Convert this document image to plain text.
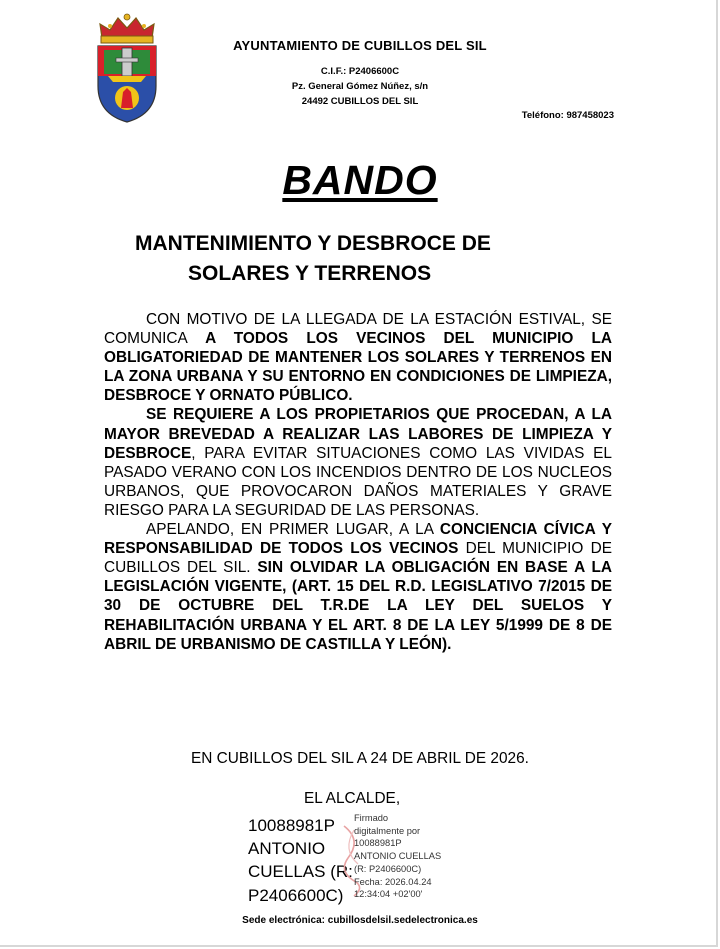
AYUNTAMIENTO DE CUBILLOS DEL SIL
C.I.F.: P2406600C
Pz. General Gómez Núñez, s/n
24492 CUBILLOS DEL SIL
Teléfono: 987458023
BANDO
MANTENIMIENTO Y DESBROCE DE
SOLARES Y TERRENOS

CON MOTIVO DE LA LLEGADA DE LA ESTACIÓN ESTIVAL, SE COMUNICA A TODOS LOS VECINOS DEL MUNICIPIO LA OBLIGATORIEDAD DE MANTENER LOS SOLARES Y TERRENOS EN LA ZONA URBANA Y SU ENTORNO EN CONDICIONES DE LIMPIEZA, DESBROCE Y ORNATO PÚBLICO.

SE REQUIERE A LOS PROPIETARIOS QUE PROCEDAN, A LA MAYOR BREVEDAD A REALIZAR LAS LABORES DE LIMPIEZA Y DESBROCE, PARA EVITAR SITUACIONES COMO LAS VIVIDAS EL PASADO VERANO CON LOS INCENDIOS DENTRO DE LOS NUCLEOS URBANOS, QUE PROVOCARON DAÑOS MATERIALES Y GRAVE RIESGO PARA LA SEGURIDAD DE LAS PERSONAS.

APELANDO, EN PRIMER LUGAR, A LA CONCIENCIA CÍVICA Y RESPONSABILIDAD DE TODOS LOS VECINOS DEL MUNICIPIO DE CUBILLOS DEL SIL. SIN OLVIDAR LA OBLIGACIÓN EN BASE A LA LEGISLACIÓN VIGENTE, (ART. 15 DEL R.D. LEGISLATIVO 7/2015 DE 30 DE OCTUBRE DEL T.R.DE LA LEY DEL SUELOS Y REHABILITACIÓN URBANA Y EL ART. 8 DE LA LEY 5/1999 DE 8 DE ABRIL DE URBANISMO DE CASTILLA Y LEÓN).

EN CUBILLOS DEL SIL A 24 DE ABRIL DE 2026.
EL ALCALDE,
10088981P
ANTONIO
CUELLAS (R:
P2406600C)
Firmado
digitalmente por
10088981P
ANTONIO CUELLAS
(R: P2406600C)
Fecha: 2026.04.24
12:34:04 +02'00'
Sede electrónica: cubillosdelsil.sedelectronica.es
